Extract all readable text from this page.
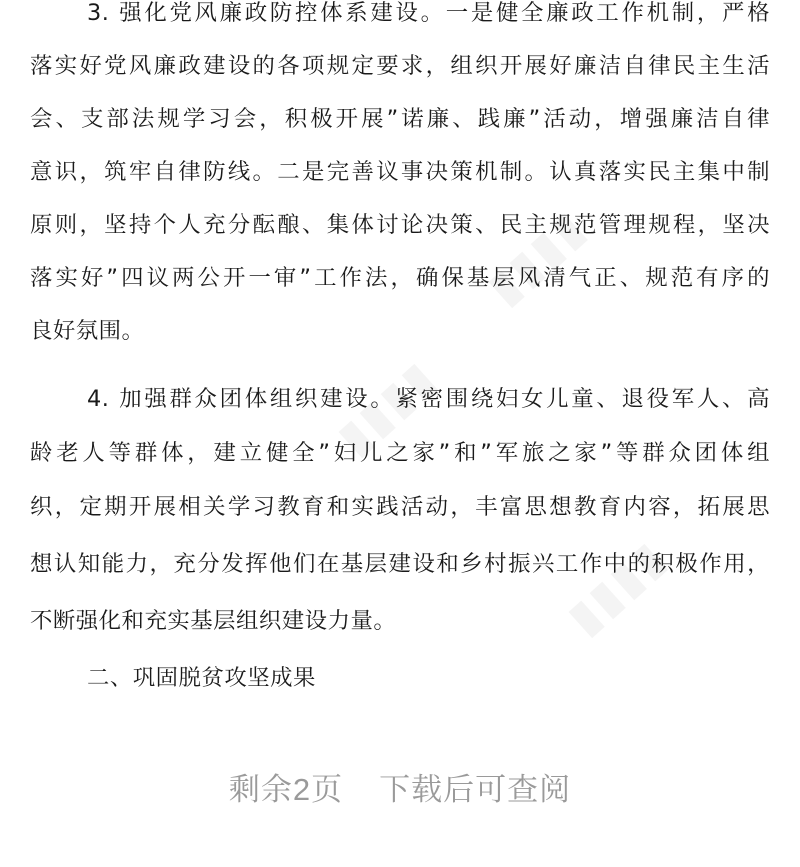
▮▮▮▮
▮▮▮▮
▮▮▮▮
3. 强化党风廉政防控体系建设。一是健全廉政工作机制，严格
落实好党风廉政建设的各项规定要求，组织开展好廉洁自律民主生活
会、支部法规学习会，积极开展”诺廉、践廉”活动，增强廉洁自律
意识，筑牢自律防线。二是完善议事决策机制。认真落实民主集中制
原则，坚持个人充分酝酿、集体讨论决策、民主规范管理规程，坚决
落实好”四议两公开一审”工作法，确保基层风清气正、规范有序的
良好氛围。
4. 加强群众团体组织建设。紧密围绕妇女儿童、退役军人、高
龄老人等群体，建立健全”妇儿之家”和”军旅之家”等群众团体组
织，定期开展相关学习教育和实践活动，丰富思想教育内容，拓展思
想认知能力，充分发挥他们在基层建设和乡村振兴工作中的积极作用，
不断强化和充实基层组织建设力量。
二、巩固脱贫攻坚成果
剩余2页 下载后可查阅
